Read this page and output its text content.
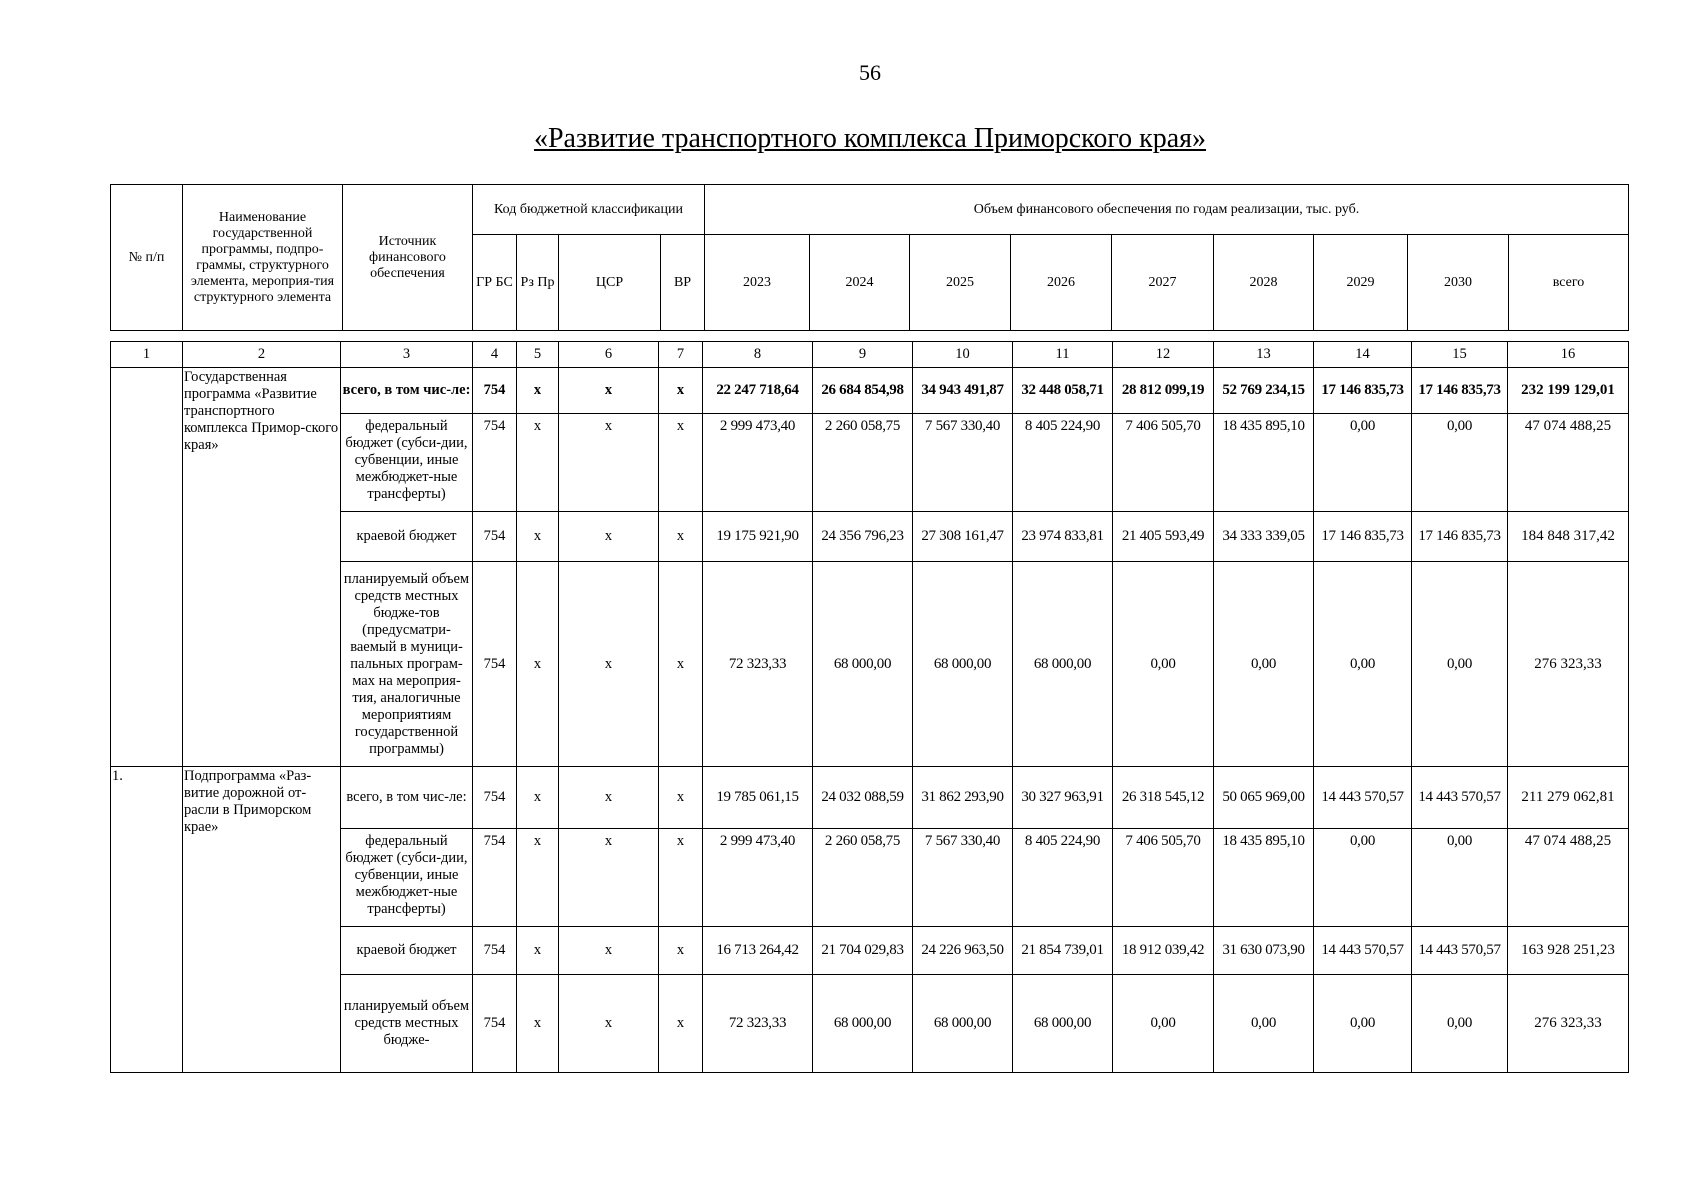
56
«Развитие транспортного комплекса Приморского края»
№ п/п	Наименование государственной программы, подпро-граммы, структурного элемента, мероприя-тия структурного элемента	Источник финансового обеспечения	Код бюджетной классификации				Объем финансового обеспечения по годам реализации, тыс. руб.								
			ГР БС	Рз Пр	ЦСР	ВР	2023	2024	2025	2026	2027	2028	2029	2030	всего
1	2	3	4	5	6	7	8	9	10	11	12	13	14	15	16
	Государственная программа «Развитие транспортного комплекса Примор-ского края»	всего, в том чис-ле:	754	х	х	х	22 247 718,64	26 684 854,98	34 943 491,87	32 448 058,71	28 812 099,19	52 769 234,15	17 146 835,73	17 146 835,73	232 199 129,01
		федеральный бюджет (субси-дии, субвенции, иные межбюджет-ные трансферты)	754	х	х	х	2 999 473,40	2 260 058,75	7 567 330,40	8 405 224,90	7 406 505,70	18 435 895,10	0,00	0,00	47 074 488,25
		краевой бюджет	754	х	х	х	19 175 921,90	24 356 796,23	27 308 161,47	23 974 833,81	21 405 593,49	34 333 339,05	17 146 835,73	17 146 835,73	184 848 317,42
		планируемый объем средств местных бюдже-тов (предусматри-ваемый в муници-пальных програм-мах на мероприя-тия, аналогичные мероприятиям государственной программы)	754	х	х	х	72 323,33	68 000,00	68 000,00	68 000,00	0,00	0,00	0,00	0,00	276 323,33
1.	Подпрограмма «Раз-витие дорожной от-расли в Приморском крае»	всего, в том чис-ле:	754	х	х	х	19 785 061,15	24 032 088,59	31 862 293,90	30 327 963,91	26 318 545,12	50 065 969,00	14 443 570,57	14 443 570,57	211 279 062,81
		федеральный бюджет (субси-дии, субвенции, иные межбюджет-ные трансферты)	754	х	х	х	2 999 473,40	2 260 058,75	7 567 330,40	8 405 224,90	7 406 505,70	18 435 895,10	0,00	0,00	47 074 488,25
		краевой бюджет	754	х	х	х	16 713 264,42	21 704 029,83	24 226 963,50	21 854 739,01	18 912 039,42	31 630 073,90	14 443 570,57	14 443 570,57	163 928 251,23
		планируемый объем средств местных бюдже-	754	х	х	х	72 323,33	68 000,00	68 000,00	68 000,00	0,00	0,00	0,00	0,00	276 323,33
